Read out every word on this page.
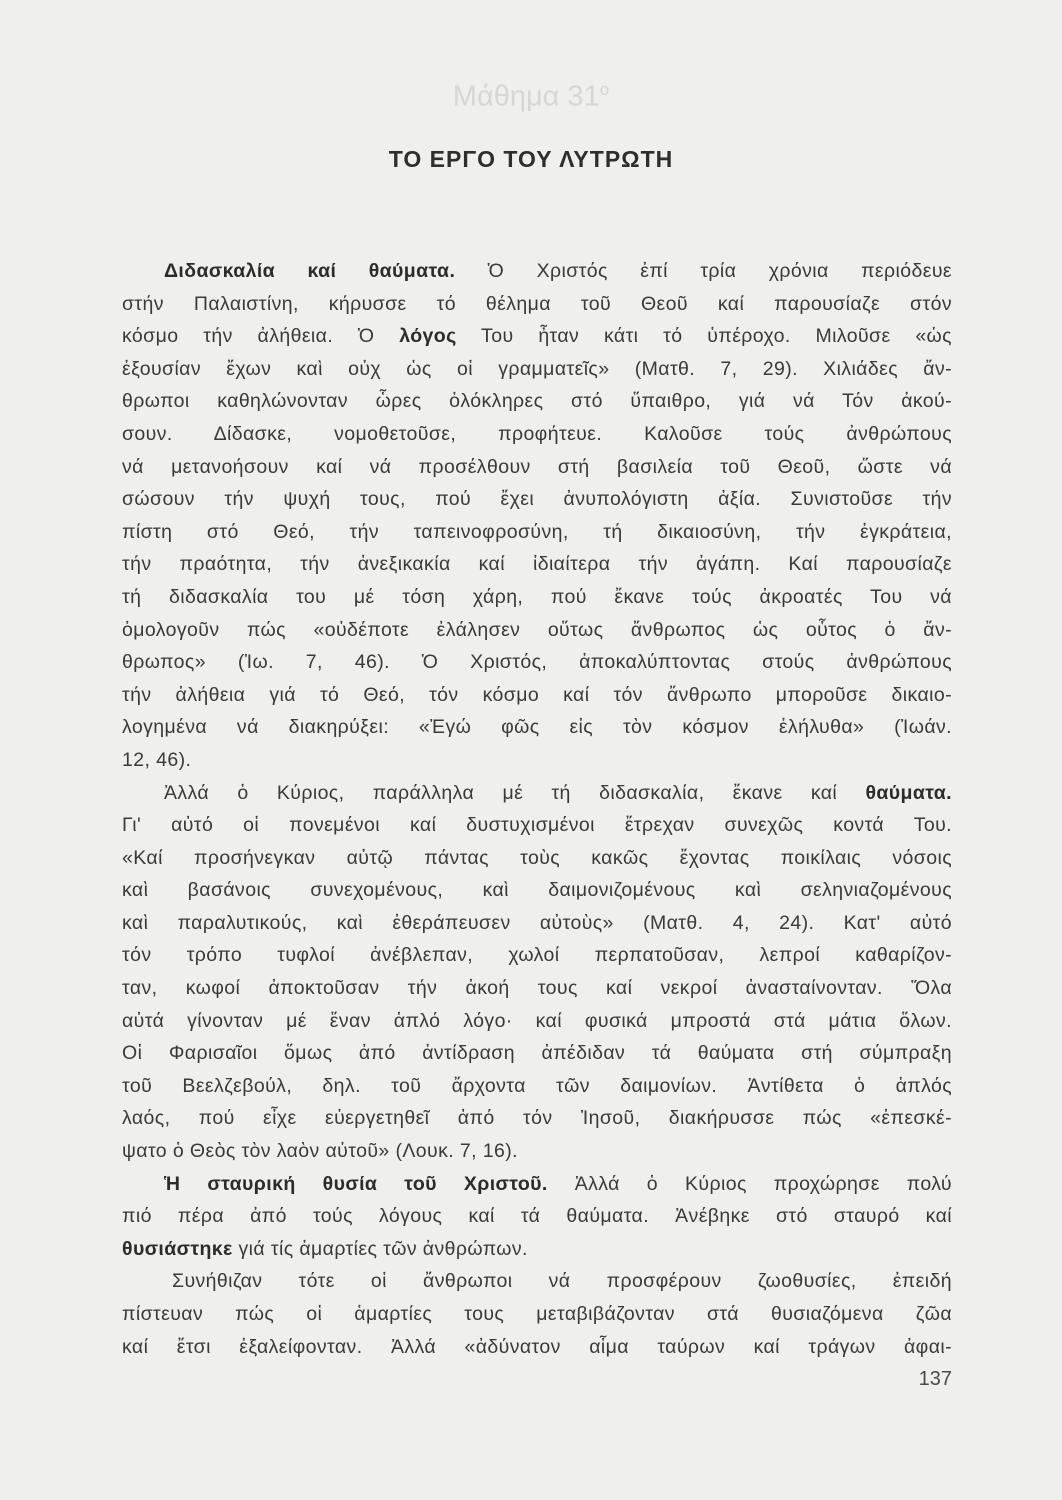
Μάθημα $31^o$
ΤΟ ΕΡΓΟ ΤΟΥ ΛΥΤΡΩΤΗ
Διδασκαλία καί θαύματα. Ὁ Χριστός ἐπί τρία χρόνια περιόδευε
στήν Παλαιστίνη, κήρυσσε τό θέλημα τοῦ Θεοῦ καί παρουσίαζε στόν
κόσμο τήν ἀλήθεια. Ὁ λόγος Του ἦταν κάτι τό ὑπέροχο. Μιλοῦσε «ὡς
ἐξουσίαν ἔχων καὶ οὐχ ὡς οἱ γραμματεῖς» (Ματθ. 7, 29). Χιλιάδες ἄν-
θρωποι καθηλώνονταν ὧρες ὁλόκληρες στό ὕπαιθρο, γιά νά Τόν ἀκού-
σουν. Δίδασκε, νομοθετοῦσε, προφήτευε. Καλοῦσε τούς ἀνθρώπους
νά μετανοήσουν καί νά προσέλθουν στή βασιλεία τοῦ Θεοῦ, ὥστε νά
σώσουν τήν ψυχή τους, πού ἔχει ἀνυπολόγιστη ἀξία. Συνιστοῦσε τήν
πίστη στό Θεό, τήν ταπεινοφροσύνη, τή δικαιοσύνη, τήν ἐγκράτεια,
τήν πραότητα, τήν ἀνεξικακία καί ἰδιαίτερα τήν ἀγάπη. Καί παρουσίαζε
τή διδασκαλία του μέ τόση χάρη, πού ἔκανε τούς ἀκροατές Του νά
ὁμολογοῦν πώς «οὐδέποτε ἐλάλησεν οὕτως ἄνθρωπος ὡς οὗτος ὁ ἄν-
θρωπος» (Ἰω. 7, 46). Ὁ Χριστός, ἀποκαλύπτοντας στούς ἀνθρώπους
τήν ἀλήθεια γιά τό Θεό, τόν κόσμο καί τόν ἄνθρωπο μποροῦσε δικαιο-
λογημένα νά διακηρύξει: «Ἐγώ φῶς εἰς τὸν κόσμον ἐλήλυθα» (Ἰωάν.
12, 46).
Ἀλλά ὁ Κύριος, παράλληλα μέ τή διδασκαλία, ἔκανε καί θαύματα.
Γι' αὐτό οἱ πονεμένοι καί δυστυχισμένοι ἔτρεχαν συνεχῶς κοντά Του.
«Καί προσήνεγκαν αὐτῷ πάντας τοὺς κακῶς ἔχοντας ποικίλαις νόσοις
καὶ βασάνοις συνεχομένους, καὶ δαιμονιζομένους καὶ σεληνιαζομένους
καὶ παραλυτικούς, καὶ ἐθεράπευσεν αὐτοὺς» (Ματθ. 4, 24). Κατ' αὐτό
τόν τρόπο τυφλοί ἀνέβλεπαν, χωλοί περπατοῦσαν, λεπροί καθαρίζον-
ταν, κωφοί ἀποκτοῦσαν τήν ἀκοή τους καί νεκροί ἀνασταίνονταν. Ὅλα
αὐτά γίνονταν μέ ἕναν ἁπλό λόγο· καί φυσικά μπροστά στά μάτια ὅλων.
Οἱ Φαρισαῖοι ὅμως ἀπό ἀντίδραση ἀπέδιδαν τά θαύματα στή σύμπραξη
τοῦ Βεελζεβούλ, δηλ. τοῦ ἄρχοντα τῶν δαιμονίων. Ἀντίθετα ὁ ἁπλός
λαός, πού εἶχε εὐεργετηθεῖ ἀπό τόν Ἰησοῦ, διακήρυσσε πώς «ἐπεσκέ-
ψατο ὁ Θεὸς τὸν λαὸν αὐτοῦ» (Λουκ. 7, 16).
Ἡ σταυρική θυσία τοῦ Χριστοῦ. Ἀλλά ὁ Κύριος προχώρησε πολύ
πιό πέρα ἀπό τούς λόγους καί τά θαύματα. Ἀνέβηκε στό σταυρό καί
θυσιάστηκε γιά τίς ἁμαρτίες τῶν ἀνθρώπων.
Συνήθιζαν τότε οἱ ἄνθρωποι νά προσφέρουν ζωοθυσίες, ἐπειδή
πίστευαν πώς οἱ ἁμαρτίες τους μεταβιβάζονταν στά θυσιαζόμενα ζῶα
καί ἔτσι ἐξαλείφονταν. Ἀλλά «ἀδύνατον αἷμα ταύρων καί τράγων ἀφαι-
137
